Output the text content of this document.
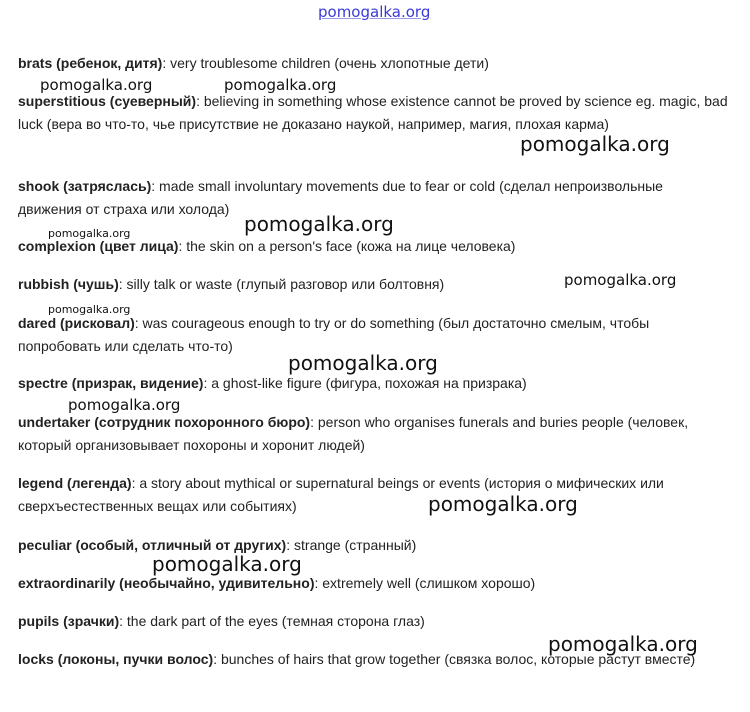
pomogalka.org

brats (ребенок, дитя): very troublesome children (очень хлопотные дети)

superstitious (суеверный): believing in something whose existence cannot be proved by science eg. magic, bad luck (вера во что-то, чье присутствие не доказано наукой, например, магия, плохая карма)

shook (затряслась): made small involuntary movements due to fear or cold (сделал непроизвольные движения от страха или холода)

complexion (цвет лица): the skin on a person's face (кожа на лице человека)

rubbish (чушь): silly talk or waste (глупый разговор или болтовня)

dared (рисковал): was courageous enough to try or do something (был достаточно смелым, чтобы попробовать или сделать что-то)

spectre (призрак, видение): a ghost-like figure (фигура, похожая на призрака)

undertaker (сотрудник похоронного бюро): person who organises funerals and buries people (человек, который организовывает похороны и хоронит людей)

legend (легенда): a story about mythical or supernatural beings or events (история о мифических или сверхъестественных вещах или событиях)

peculiar (особый, отличный от других): strange (странный)

extraordinarily (необычайно, удивительно): extremely well (слишком хорошо)

pupils (зрачки): the dark part of the eyes (темная сторона глаз)

locks (локоны, пучки волос): bunches of hairs that grow together (связка волос, которые растут вместе)

pomogalka.org	pomogalka.org
pomogalka.org
pomogalka.org
pomogalka.org
pomogalka.org
pomogalka.org
pomogalka.org
pomogalka.org
pomogalka.org
pomogalka.org
pomogalka.org
